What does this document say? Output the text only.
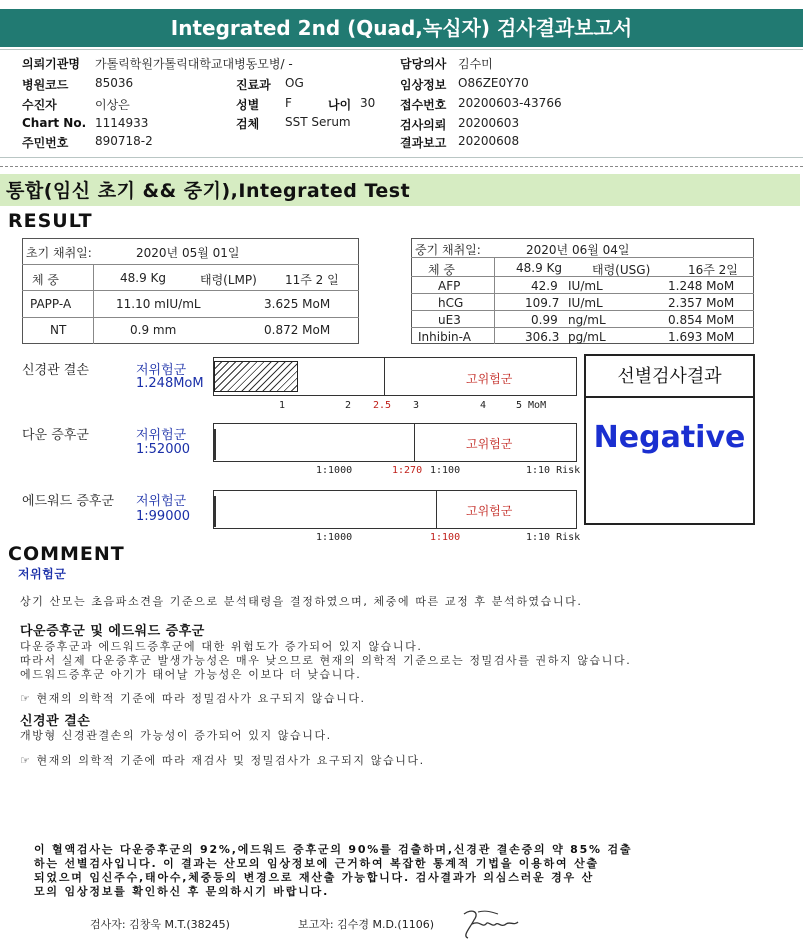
Integrated 2nd (Quad,녹십자) 검사결과보고서
의뢰기관명 가톨릭학원가톨릭대학교대병동모병/ -
병원코드 85036
수진자	이상은
Chart No. 1114933
주민번호 890718-2
진료과 OG
성별 F	나이 30
검체 SST Serum
담당의사 김수미
임상정보 O86ZE0Y70
접수번호 20200603-43766
검사의뢰 20200603
결과보고 20200608
통합(임신 초기 && 중기),Integrated Test
RESULT
초기 채취일:	2020년 05월 01일
체 중	48.9 Kg	태령(LMP) 11주 2 일
PAPP-A	11.10 mIU/mL	3.625 MoM
NT	0.9 mm	0.872 MoM
중기 채취일:	2020년 06월 04일
체 중	48.9 Kg 태령(USG)	16주 2일
AFP	42.9 IU/mL	1.248 MoM
hCG	109.7 IU/mL	2.357 MoM
uE3	0.99 ng/mL	0.854 MoM
Inhibin-A	306.3 pg/mL	1.693 MoM
신경관 결손	저위험군
1.248MoM	고위험군
1	2 2.5 3	4	5 MoM
다운 증후군	저위험군
1:52000	고위험군
1:1000	1:270 1:100	1:10 Risk
에드워드 증후군 저위험군
1:99000	고위험군
1:1000	1:100	1:10 Risk
선별검사결과
Negative
COMMENT
저위험군
상기 산모는 초음파소견을 기준으로 분석태령을 결정하였으며, 체중에 따른 교정 후 분석하였습니다.
다운증후군 및 에드워드 증후군
다운증후군과 에드워드증후군에 대한 위험도가 증가되어 있지 않습니다.
따라서 실제 다운증후군 발생가능성은 매우 낮으므로 현재의 의학적 기준으로는 정밀검사를 권하지 않습니다.
에드워드증후군 아기가 태어날 가능성은 이보다 더 낮습니다.
☞ 현재의 의학적 기준에 따라 정밀검사가 요구되지 않습니다.
신경관 결손
개방형 신경관결손의 가능성이 증가되어 있지 않습니다.
☞ 현재의 의학적 기준에 따라 재검사 및 정밀검사가 요구되지 않습니다.
이 혈액검사는 다운증후군의 92%,에드워드 증후군의 90%를 검출하며,신경관 결손증의 약 85% 검출
하는 선별검사입니다. 이 결과는 산모의 임상정보에 근거하여 복잡한 통계적 기법을 이용하여 산출
되었으며 임신주수,태아수,체중등의 변경으로 재산출 가능합니다. 검사결과가 의심스러운 경우 산
모의 임상정보를 확인하신 후 문의하시기 바랍니다.
검사자: 김창욱 M.T.(38245)	보고자: 김수경 M.D.(1106)
